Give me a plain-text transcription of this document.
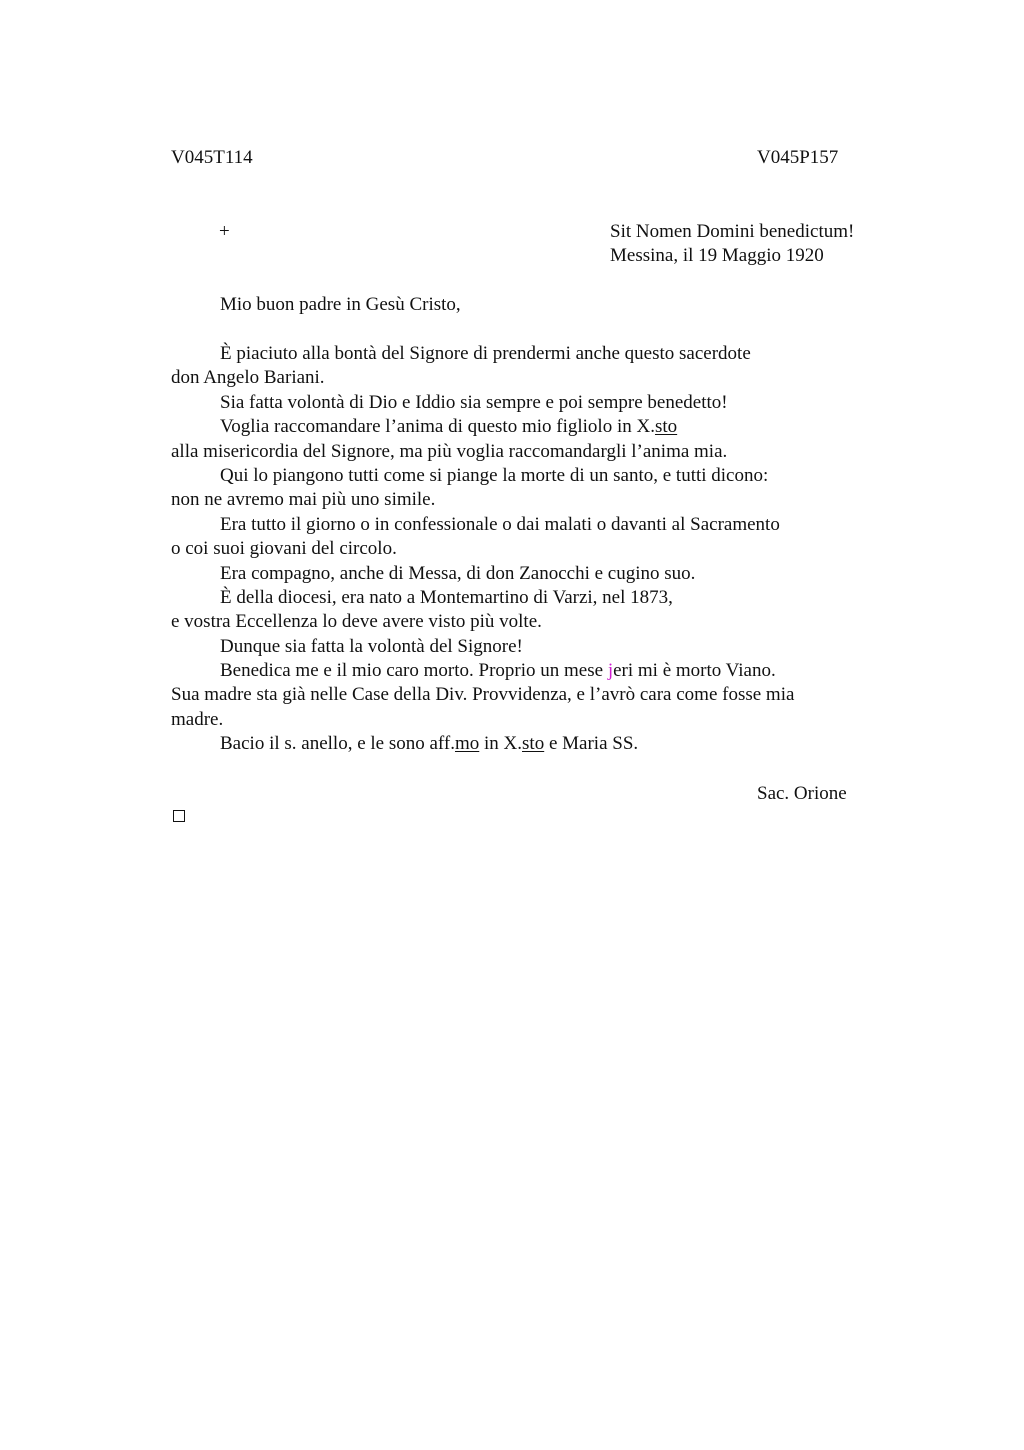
V045T114	V045P157
+	Sit Nomen Domini benedictum!
Messina, il 19 Maggio 1920
Mio buon padre in Gesù Cristo,
È piaciuto alla bontà del Signore di prendermi anche questo sacerdote
don Angelo Bariani.
Sia fatta volontà di Dio e Iddio sia sempre e poi sempre benedetto!
Voglia raccomandare l’anima di questo mio figliolo in X.sto
alla misericordia del Signore, ma più voglia raccomandargli l’anima mia.
Qui lo piangono tutti come si piange la morte di un santo, e tutti dicono:
non ne avremo mai più uno simile.
Era tutto il giorno o in confessionale o dai malati o davanti al Sacramento
o coi suoi giovani del circolo.
Era compagno, anche di Messa, di don Zanocchi e cugino suo.
È della diocesi, era nato a Montemartino di Varzi, nel 1873,
e vostra Eccellenza lo deve avere visto più volte.
Dunque sia fatta la volontà del Signore!
Benedica me e il mio caro morto. Proprio un mese jeri mi è morto Viano.
Sua madre sta già nelle Case della Div. Provvidenza, e l’avrò cara come fosse mia
madre.
Bacio il s. anello, e le sono aff.mo in X.sto e Maria SS.
Sac. Orione
